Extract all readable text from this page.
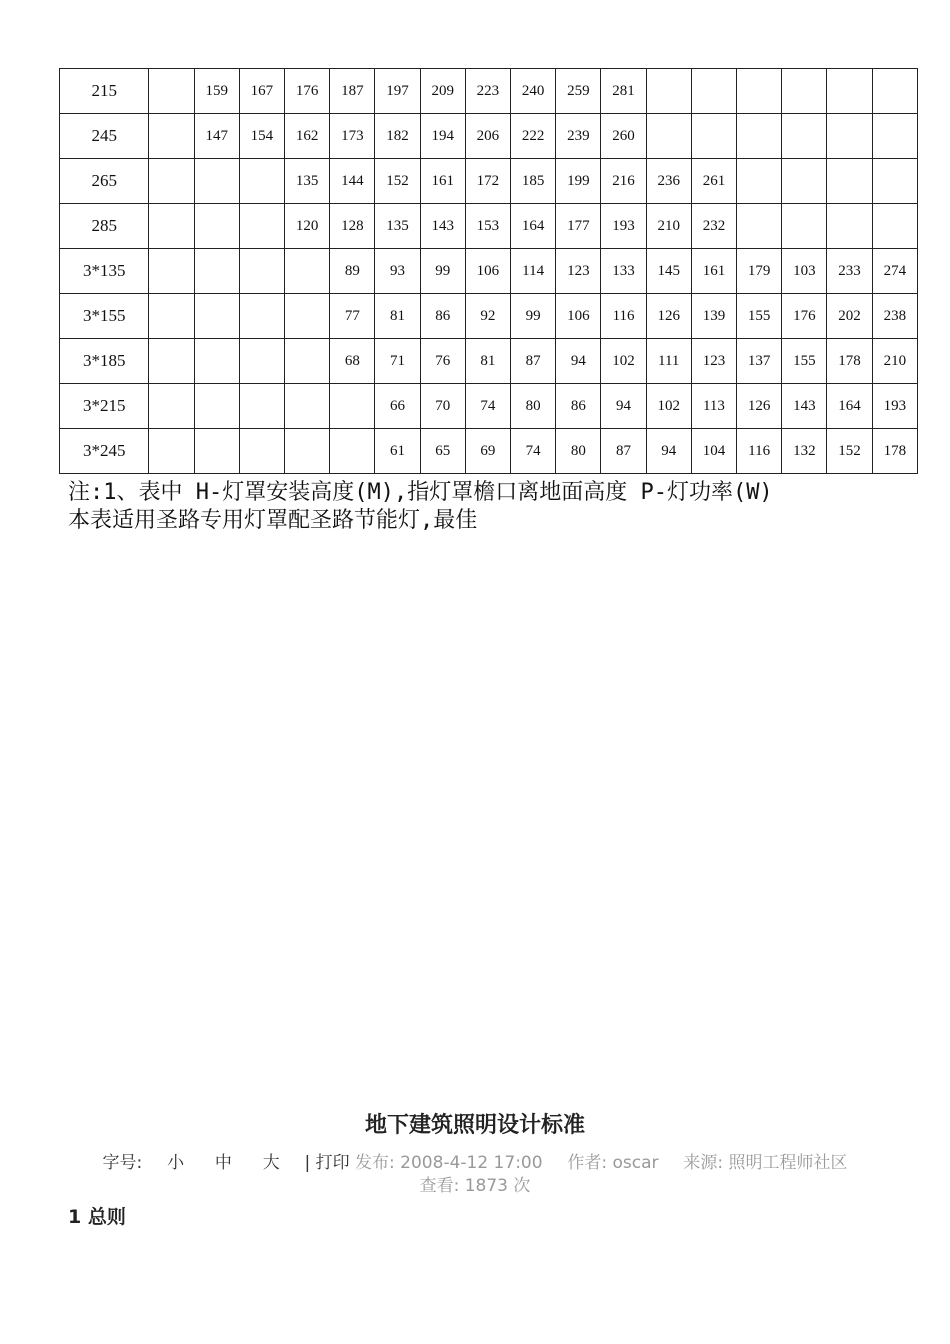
215		159	167	176	187	197	209	223	240	259	281						
245		147	154	162	173	182	194	206	222	239	260						
265				135	144	152	161	172	185	199	216	236	261				
285				120	128	135	143	153	164	177	193	210	232				
3*135					89	93	99	106	114	123	133	145	161	179	103	233	274
3*155					77	81	86	92	99	106	116	126	139	155	176	202	238
3*185					68	71	76	81	87	94	102	111	123	137	155	178	210
3*215						66	70	74	80	86	94	102	113	126	143	164	193
3*245						61	65	69	74	80	87	94	104	116	132	152	178
注:1、表中 H-灯罩安装高度(M),指灯罩檐口离地面高度 P-灯功率(W)
本表适用圣路专用灯罩配圣路节能灯,最佳
地下建筑照明设计标准
字号: 小 中 大 | 打印 发布: 2008-4-12 17:00 作者: oscar 来源: 照明工程师社区
查看: 1873 次
1 总则
